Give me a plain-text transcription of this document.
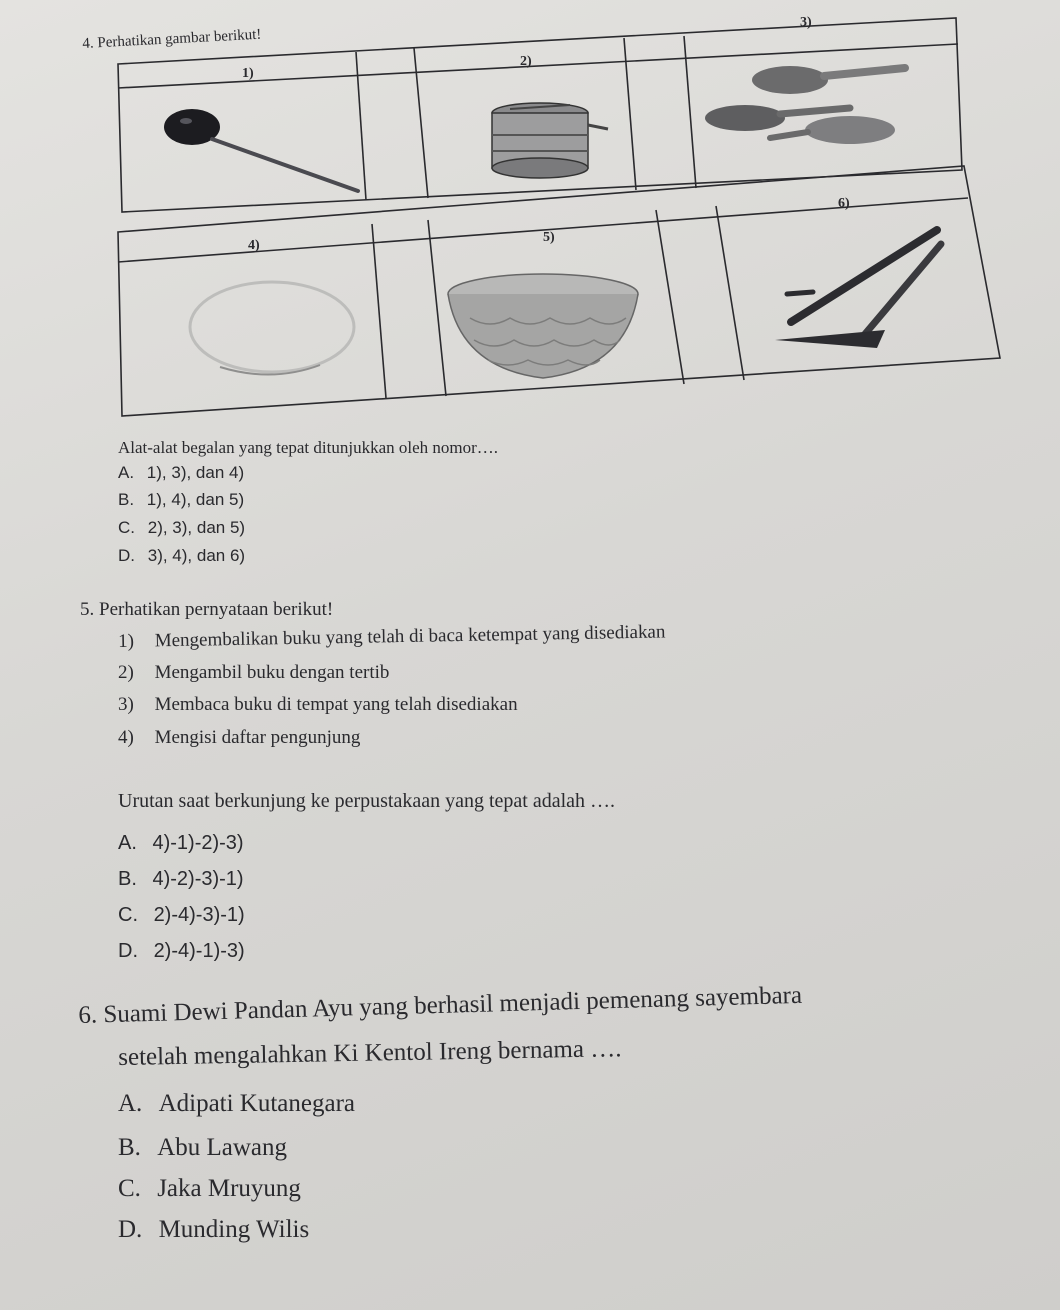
4. Perhatikan gambar berikut!
1)
2)
3)
4)
5)
6)
Alat-alat begalan yang tepat ditunjukkan oleh nomor….
A. 1), 3), dan 4)
B. 1), 4), dan 5)
C. 2), 3), dan 5)
D. 3), 4), dan 6)
5. Perhatikan pernyataan berikut!
1) Mengembalikan buku yang telah di baca ketempat yang disediakan
2) Mengambil buku dengan tertib
3) Membaca buku di tempat yang telah disediakan
4) Mengisi daftar pengunjung
Urutan saat berkunjung ke perpustakaan yang tepat adalah ….
A. 4)-1)-2)-3)
B. 4)-2)-3)-1)
C. 2)-4)-3)-1)
D. 2)-4)-1)-3)
6. Suami Dewi Pandan Ayu yang berhasil menjadi pemenang sayembara
setelah mengalahkan Ki Kentol Ireng bernama ….
A. Adipati Kutanegara
B. Abu Lawang
C. Jaka Mruyung
D. Munding Wilis
